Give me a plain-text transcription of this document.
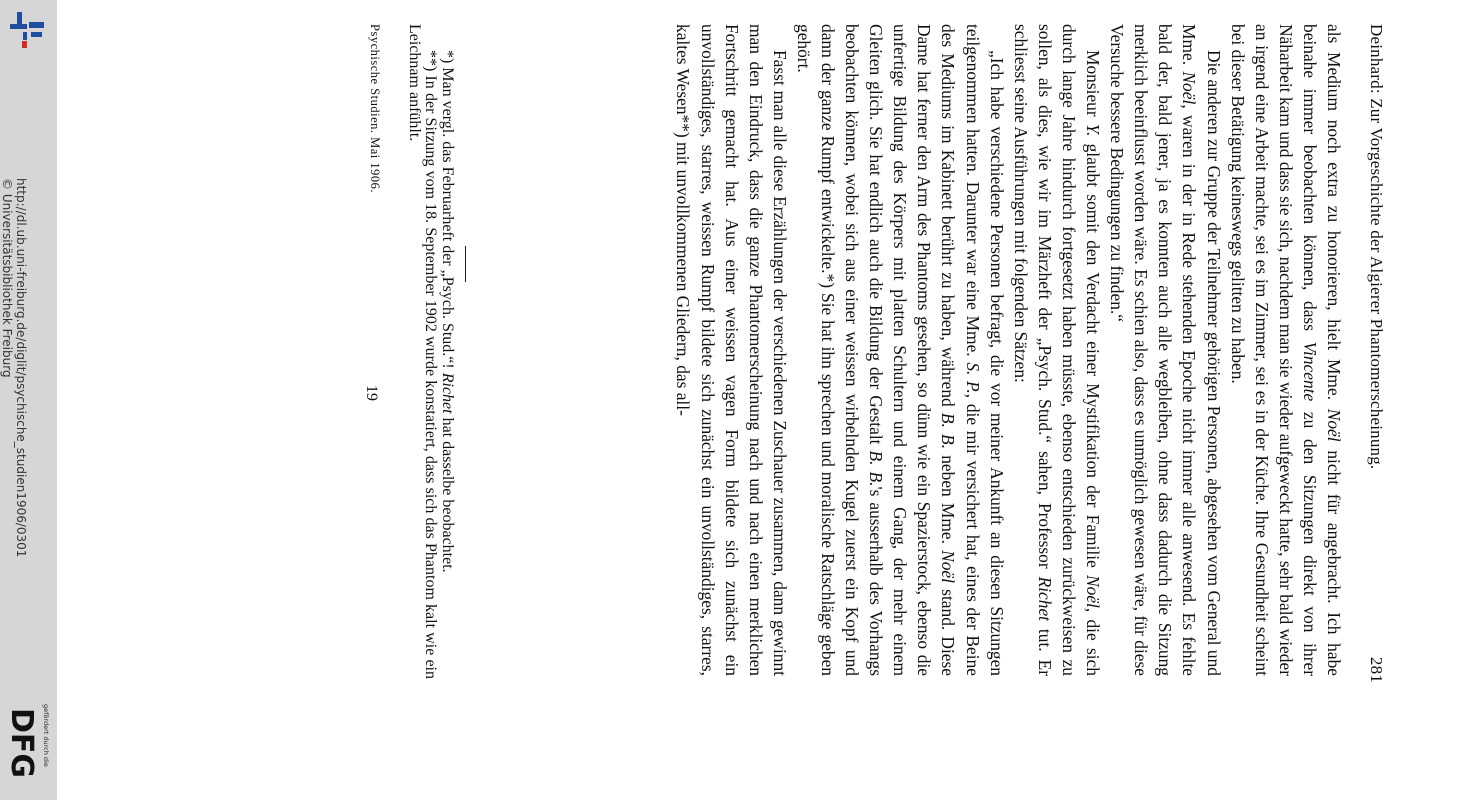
http://dl.ub.uni-freiburg.de/diglit/psychische_studien1906/0301
© Universitätsbibliothek Freiburg
gefördert durch die
DFG
Deinhard: Zur Vorgeschichte der Algierer Phantomerscheinung.
281

als Medium noch extra zu honorieren, hielt Mme. Noël nicht für angebracht. Ich habe beinahe immer beobachten können, dass Vincente zu den Sitzungen direkt von ihrer Näharbeit kam und dass sie sich, nachdem man sie wieder aufgeweckt hatte, sehr bald wieder an irgend eine Arbeit machte, sei es im Zimmer, sei es in der Küche. Ihre Gesundheit scheint bei dieser Betätigung keineswegs gelitten zu haben.

Die anderen zur Gruppe der Teilnehmer gehörigen Personen, abgesehen vom General und Mme. Noël, waren in der in Rede stehenden Epoche nicht immer alle anwesend. Es fehlte bald der, bald jener, ja es konnten auch alle wegbleiben, ohne dass dadurch die Sitzung merklich beeinflusst worden wäre. Es schien also, dass es unmöglich gewesen wäre, für diese Versuche bessere Bedingungen zu finden.“

Monsieur Y. glaubt somit den Verdacht einer Mystifikation der Familie Noël, die sich durch lange Jahre hindurch fortgesetzt haben müsste, ebenso entschieden zurückweisen zu sollen, als dies, wie wir im Märzheft der „Psych. Stud.“ sahen, Professor Richet tut. Er schliesst seine Ausführungen mit folgenden Sätzen:

„Ich habe verschiedene Personen befragt, die vor meiner Ankunft an diesen Sitzungen teilgenommen hatten. Darunter war eine Mme. S. P., die mir versichert hat, eines der Beine des Mediums im Kabinett berührt zu haben, während B. B. neben Mme. Noël stand. Diese Dame hat ferner den Arm des Phantoms gesehen, so dünn wie ein Spazierstock, ebenso die unfertige Bildung des Körpers mit platten Schultern und einem Gang, der mehr einem Gleiten glich. Sie hat endlich auch die Bildung der Gestalt B. B.'s ausserhalb des Vorhangs beobachten können, wobei sich aus einer weissen wirbelnden Kugel zuerst ein Kopf und dann der ganze Rumpf entwickelte.*) Sie hat ihn sprechen und moralische Ratschläge geben gehört.

Fasst man alle diese Erzählungen der verschiedenen Zuschauer zusammen, dann gewinnt man den Eindruck, dass die ganze Phantomerscheinung nach und nach einen merklichen Fortschritt gemacht hat. Aus einer weissen vagen Form bildete sich zunächst ein unvollständiges, starres, weissen Rumpf bildete sich zunächst ein unvollständiges, starres, kaltes Wesen**) mit unvollkommenen Gliedern, das all-

*) Man vergl. das Februarheft der „Psych. Stud.“! Richet hat dasselbe beobachtet.

**) In der Sitzung vom 18. September 1902 wurde konstatiert, dass sich das Phantom kalt wie ein Leichnam anfühlt.

Psychische Studien. Mai 1906.
19
